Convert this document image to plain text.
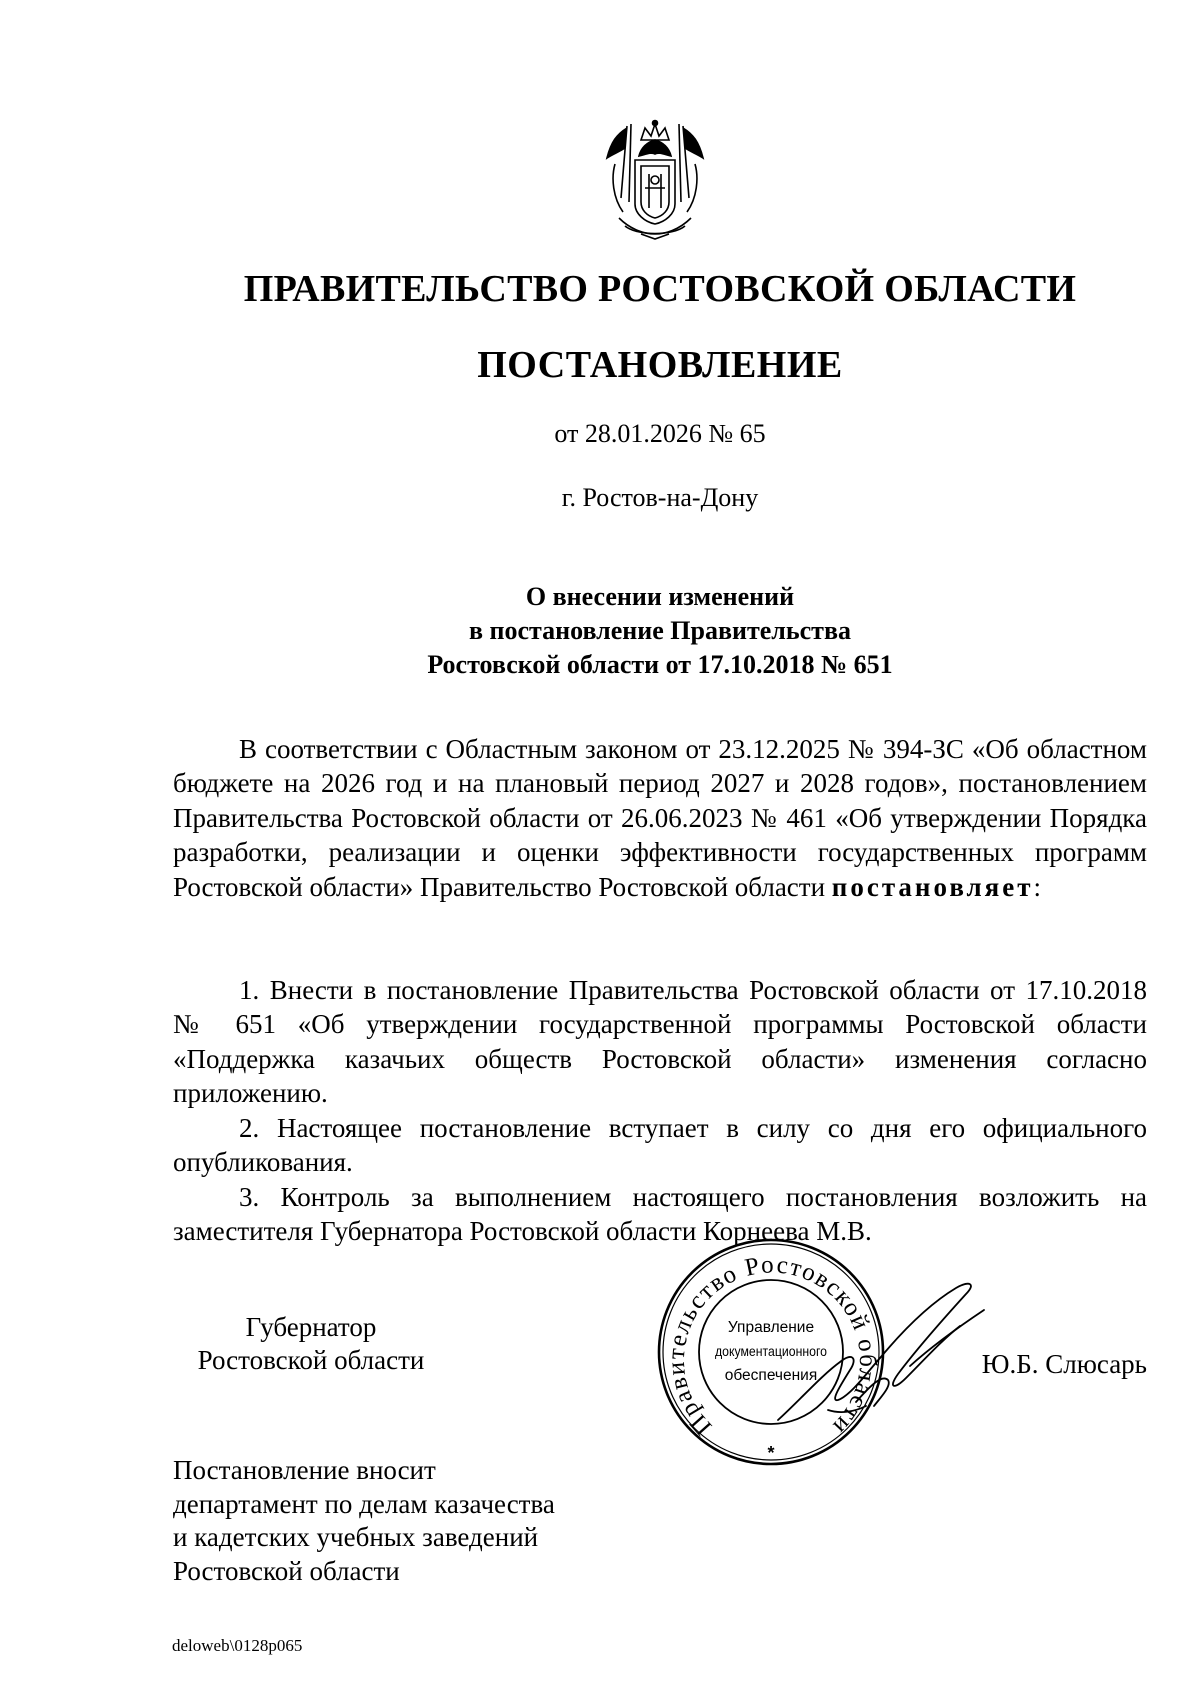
ПРАВИТЕЛЬСТВО РОСТОВСКОЙ ОБЛАСТИ
ПОСТАНОВЛЕНИЕ
от 28.01.2026 № 65
г. Ростов-на-Дону
О внесении изменений
в постановление Правительства
Ростовской области от 17.10.2018 № 651

В соответствии с Областным законом от 23.12.2025 № 394-ЗС «Об областном бюджете на 2026 год и на плановый период 2027 и 2028 годов», постановлением Правительства Ростовской области от 26.06.2023 № 461 «Об утверждении Порядка разработки, реализации и оценки эффективности государственных программ Ростовской области» Правительство Ростовской области постановляет:

1. Внести в постановление Правительства Ростовской области от 17.10.2018 № 651 «Об утверждении государственной программы Ростовской области «Поддержка казачьих обществ Ростовской области» изменения согласно приложению.

2. Настоящее постановление вступает в силу со дня его официального опубликования.

3. Контроль за выполнением настоящего постановления возложить на заместителя Губернатора Ростовской области Корнеева М.В.

Губернатор
Ростовской области
Правительство Ростовской области
Управление
документационного
обеспечения
*
Ю.Б. Слюсарь
Постановление вносит
департамент по делам казачества
и кадетских учебных заведений
Ростовской области
deloweb\0128p065
